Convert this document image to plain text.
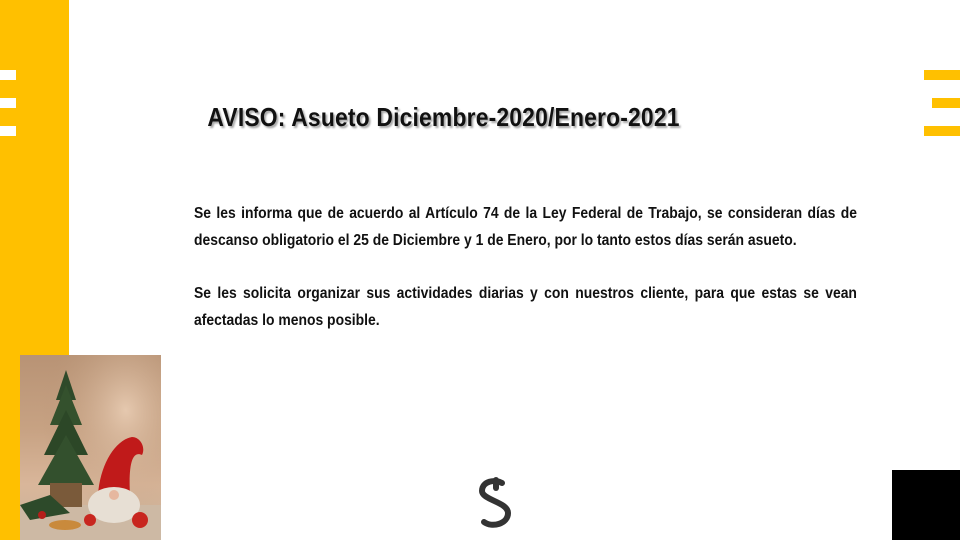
AVISO: Asueto Diciembre-2020/Enero-2021

Se les informa que de acuerdo al Artículo 74 de la Ley Federal de Trabajo, se consideran días de descanso obligatorio el 25 de Diciembre y 1 de Enero, por lo tanto estos días serán asueto.

Se les solicita organizar sus actividades diarias y con nuestros cliente, para que estas se vean afectadas lo menos posible.
